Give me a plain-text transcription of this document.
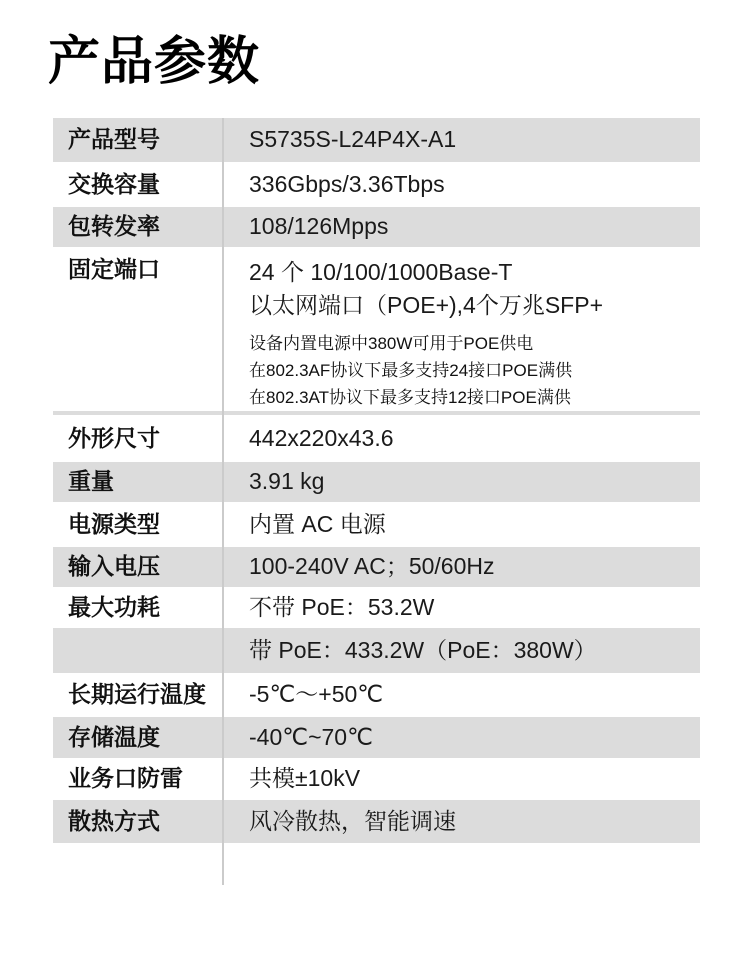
产品参数
产品型号	S5735S-L24P4X-A1
交换容量	336Gbps/3.36Tbps
包转发率	108/126Mpps
固定端口	24 个 10/100/1000Base-T
以太网端口（POE+),4个万兆SFP+
设备内置电源中380W可用于POE供电
在802.3AF协议下最多支持24接口POE满供
在802.3AT协议下最多支持12接口POE满供
外形尺寸	442x220x43.6
重量	3.91 kg
电源类型	内置 AC 电源
输入电压	100-240V AC；50/60Hz
最大功耗	不带 PoE：53.2W
带 PoE：433.2W（PoE：380W）
长期运行温度	-5℃～+50℃
存储温度	-40℃~70℃
业务口防雷	共模±10kV
散热方式	风冷散热，智能调速
